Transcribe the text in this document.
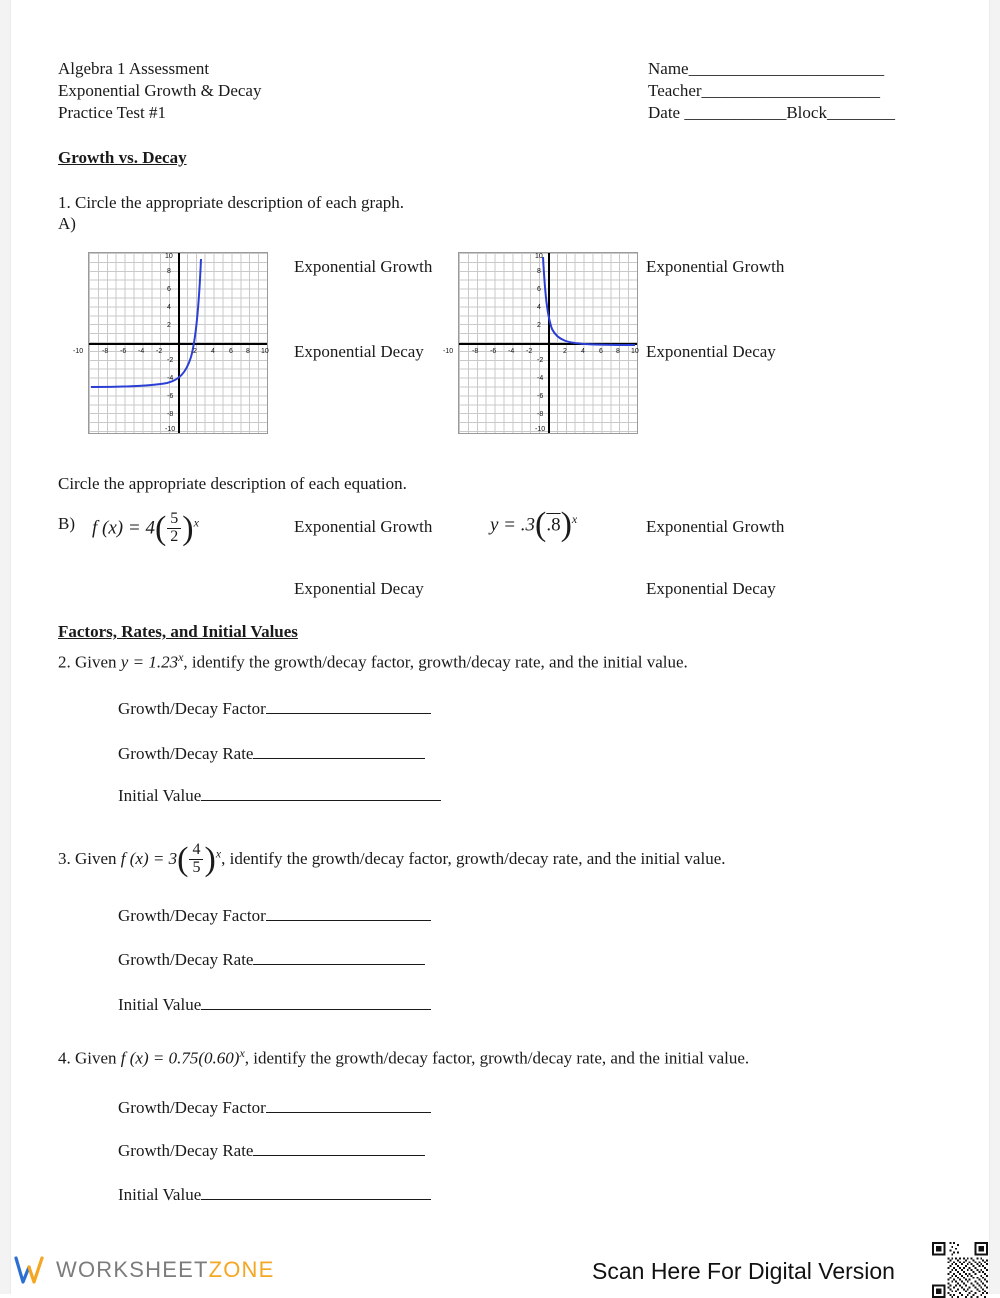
Algebra 1 Assessment
Exponential Growth & Decay
Practice Test #1
Name_______________________
Teacher_____________________
Date ____________Block________
Growth vs. Decay
1. Circle the appropriate description of each graph.
A)
-10	-8 -6 -4 -2	2 4 6 8 10
10
8
6
4
2
-2
-4
-6
-8
-10
Exponential Growth
Exponential Decay	-10	-8 -6 -4 -2	2 4 6 8 10
10
8
6
4
2
-2
-4
-6
-8
-10
Exponential Growth
Exponential Decay
Circle the appropriate description of each equation.
B) f $(x) = 4( \frac{5}{2} )^x$	$y = .3(.8)^x$
Exponential Growth
Exponential Decay
Exponential Growth
Exponential Decay
Factors, Rates, and Initial Values
2. Given $y = 1.23^x$, identify the growth/decay factor, growth/decay rate, and the initial value.
Growth/Decay Factor
Growth/Decay Rate
Initial Value
3. Given f $(x) = 3( \frac{4}{5} )^x$, identify the growth/decay factor, growth/decay rate, and the initial value.
Growth/Decay Factor
Growth/Decay Rate
Initial Value
4. Given f $(x) = 0.75(0.60)^x$, identify the growth/decay factor, growth/decay rate, and the initial value.
Growth/Decay Factor
Growth/Decay Rate
Initial Value
Scan Here For Digital Version
WORKSHEETZONE
